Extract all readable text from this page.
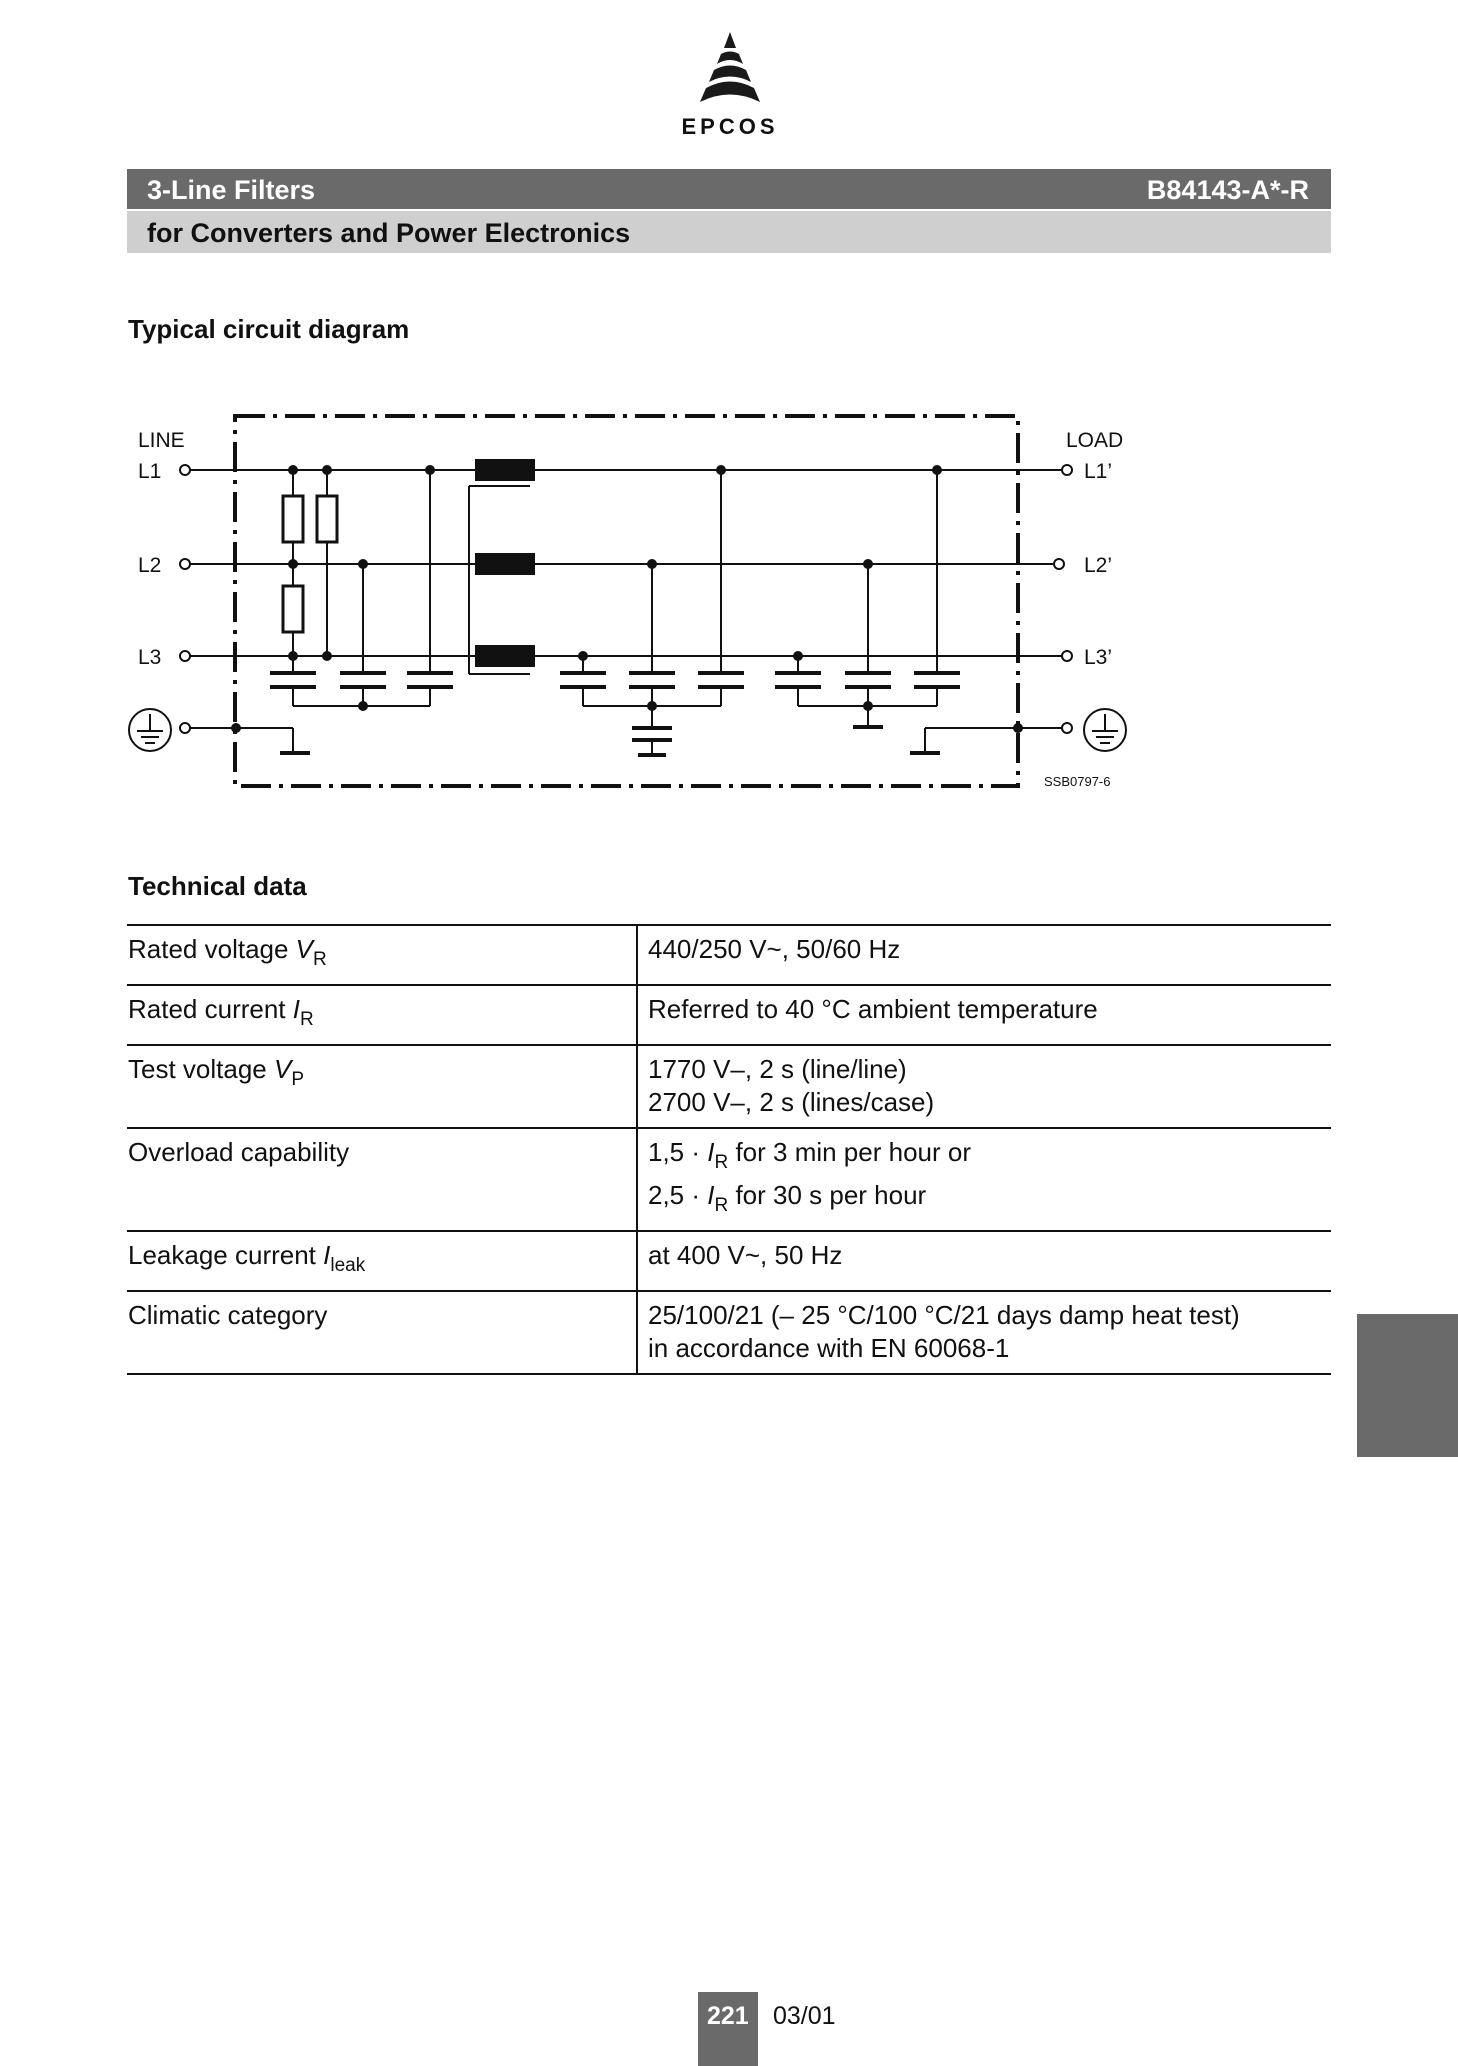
EPCOS
3-Line Filters	B84143-A*-R
for Converters and Power Electronics
Typical circuit diagram
LINE
L1
L2
L3
LOAD
L1’
L2’
L3’
SSB0797-6
Technical data
Rated voltage $V_R$	440/250 V~, 50/60 Hz

Rated current $I_R$	Referred to 40 °C ambient temperature

Test voltage $V_P$	1770 V–, 2 s (line/line)
2700 V–, 2 s (lines/case)

Overload capability	$1,5 \cdot I_R$ for 3 min per hour or
$2,5 \cdot I_R$ for 30 s per hour

Leakage current $I_{leak}$	at 400 V~, 50 Hz

Climatic category	25/100/21 (– 25 °C/100 °C/21 days damp heat test)
in accordance with EN 60068-1
221 03/01
